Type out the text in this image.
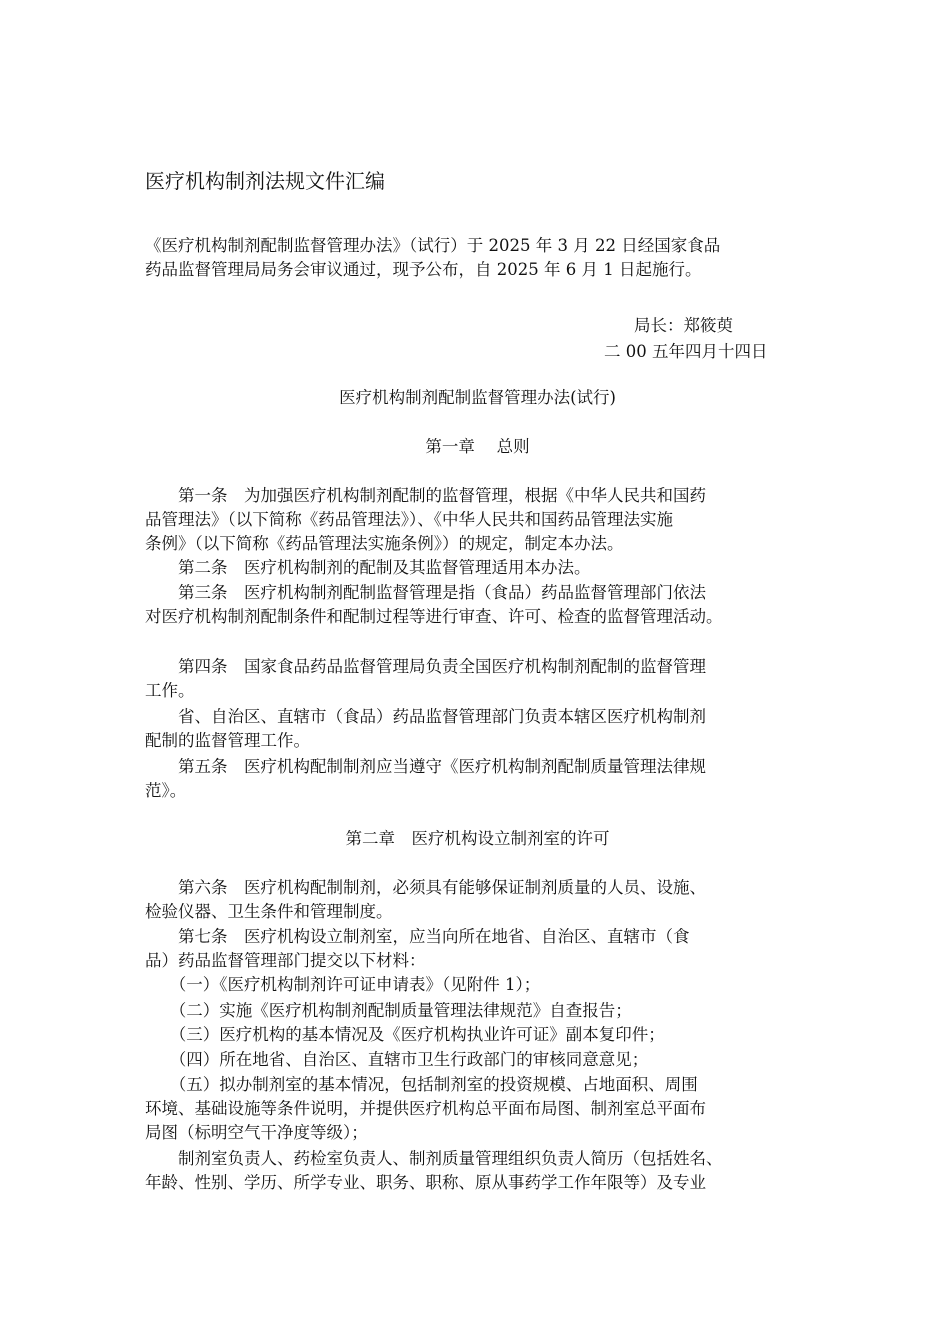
医疗机构制剂法规文件汇编
《医疗机构制剂配制监督管理办法》（试行）于 2025 年 3 月 22 日经国家食品
药品监督管理局局务会审议通过，现予公布，自 2025 年 6 月 1 日起施行。
局长：郑筱萸
二 00 五年四月十四日
医疗机构制剂配制监督管理办法(试行)
第一章　 总则
　　第一条　为加强医疗机构制剂配制的监督管理，根据《中华人民共和国药
品管理法》（以下简称《药品管理法》）、《中华人民共和国药品管理法实施
条例》（以下简称《药品管理法实施条例》）的规定，制定本办法。
　　第二条　医疗机构制剂的配制及其监督管理适用本办法。
　　第三条　医疗机构制剂配制监督管理是指（食品）药品监督管理部门依法
对医疗机构制剂配制条件和配制过程等进行审查、许可、检查的监督管理活动。
　　第四条　国家食品药品监督管理局负责全国医疗机构制剂配制的监督管理
工作。
　　省、自治区、直辖市（食品）药品监督管理部门负责本辖区医疗机构制剂
配制的监督管理工作。
　　第五条　医疗机构配制制剂应当遵守《医疗机构制剂配制质量管理法律规
范》。
第二章　医疗机构设立制剂室的许可
　　第六条　医疗机构配制制剂，必须具有能够保证制剂质量的人员、设施、
检验仪器、卫生条件和管理制度。
　　第七条　医疗机构设立制剂室，应当向所在地省、自治区、直辖市（食
品）药品监督管理部门提交以下材料：
　　（一）《医疗机构制剂许可证申请表》（见附件 1）；
　　（二）实施《医疗机构制剂配制质量管理法律规范》自查报告；
　　（三）医疗机构的基本情况及《医疗机构执业许可证》副本复印件；
　　（四）所在地省、自治区、直辖市卫生行政部门的审核同意意见；
　　（五）拟办制剂室的基本情况，包括制剂室的投资规模、占地面积、周围
环境、基础设施等条件说明，并提供医疗机构总平面布局图、制剂室总平面布
局图（标明空气干净度等级）；
　　制剂室负责人、药检室负责人、制剂质量管理组织负责人简历（包括姓名、
年龄、性别、学历、所学专业、职务、职称、原从事药学工作年限等）及专业
